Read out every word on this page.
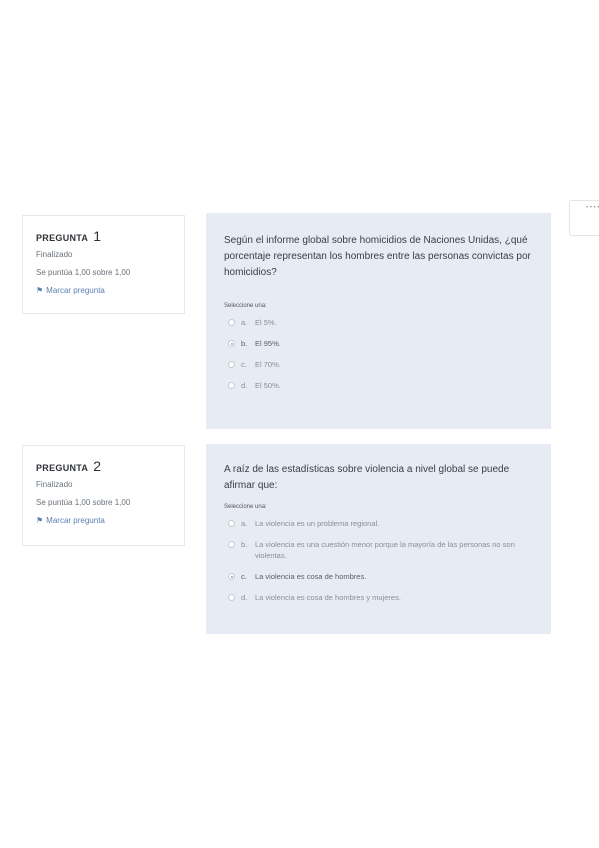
• • • •
PREGUNTA 1
Finalizado
Se puntúa 1,00 sobre 1,00
⚑ Marcar pregunta

Según el informe global sobre homicidios de Naciones Unidas, ¿qué porcentaje representan los hombres entre las personas convictas por homicidios?

Seleccione una:
a.	El 5%.
b.	El 95%.
c.	El 70%.
d.	El 50%.
PREGUNTA 2
Finalizado
Se puntúa 1,00 sobre 1,00
⚑ Marcar pregunta

A raíz de las estadísticas sobre violencia a nivel global se puede afirmar que:

Seleccione una:
a.	La violencia es un problema regional.
b.	La violencia es una cuestión menor porque la mayoría de las personas no son violentas.
c.	La violencia es cosa de hombres.
d.	La violencia es cosa de hombres y mujeres.
